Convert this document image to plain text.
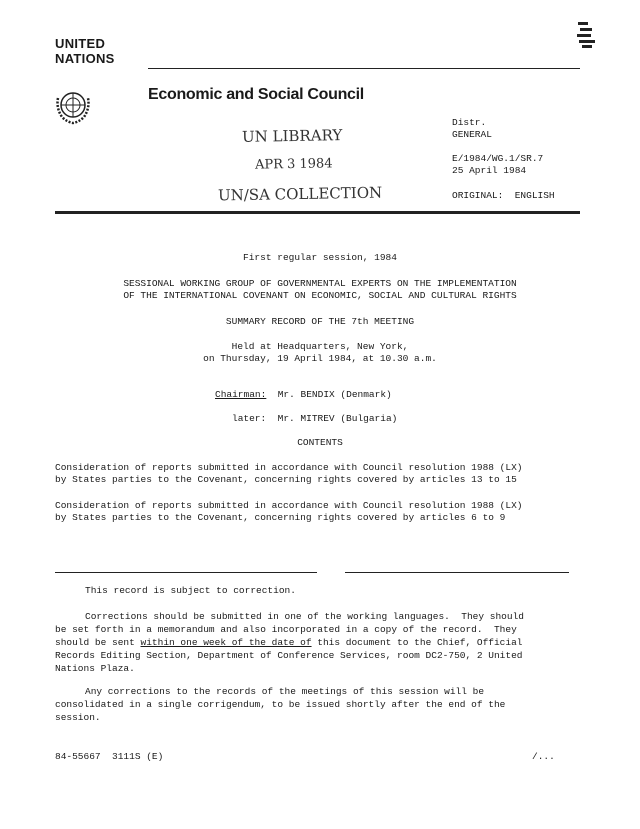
UNITED
NATIONS
Economic and Social Council
Distr.
GENERAL
E/1984/WG.1/SR.7
25 April 1984
ORIGINAL:  ENGLISH
UN LIBRARY
APR 3 1984
UN/SA COLLECTION
First regular session, 1984
SESSIONAL WORKING GROUP OF GOVERNMENTAL EXPERTS ON THE IMPLEMENTATION
OF THE INTERNATIONAL COVENANT ON ECONOMIC, SOCIAL AND CULTURAL RIGHTS
SUMMARY RECORD OF THE 7th MEETING
Held at Headquarters, New York,
on Thursday, 19 April 1984, at 10.30 a.m.
Chairman: Mr. BENDIX (Denmark)
later: Mr. MITREV (Bulgaria)
CONTENTS
Consideration of reports submitted in accordance with Council resolution 1988 (LX)
by States parties to the Covenant, concerning rights covered by articles 13 to 15
Consideration of reports submitted in accordance with Council resolution 1988 (LX)
by States parties to the Covenant, concerning rights covered by articles 6 to 9
This record is subject to correction.
Corrections should be submitted in one of the working languages.  They should
be set forth in a memorandum and also incorporated in a copy of the record.  They
should be sent within one week of the date of this document to the Chief, Official
Records Editing Section, Department of Conference Services, room DC2-750, 2 United
Nations Plaza.
Any corrections to the records of the meetings of this session will be
consolidated in a single corrigendum, to be issued shortly after the end of the
session.
84-55667  3111S (E)	/...
